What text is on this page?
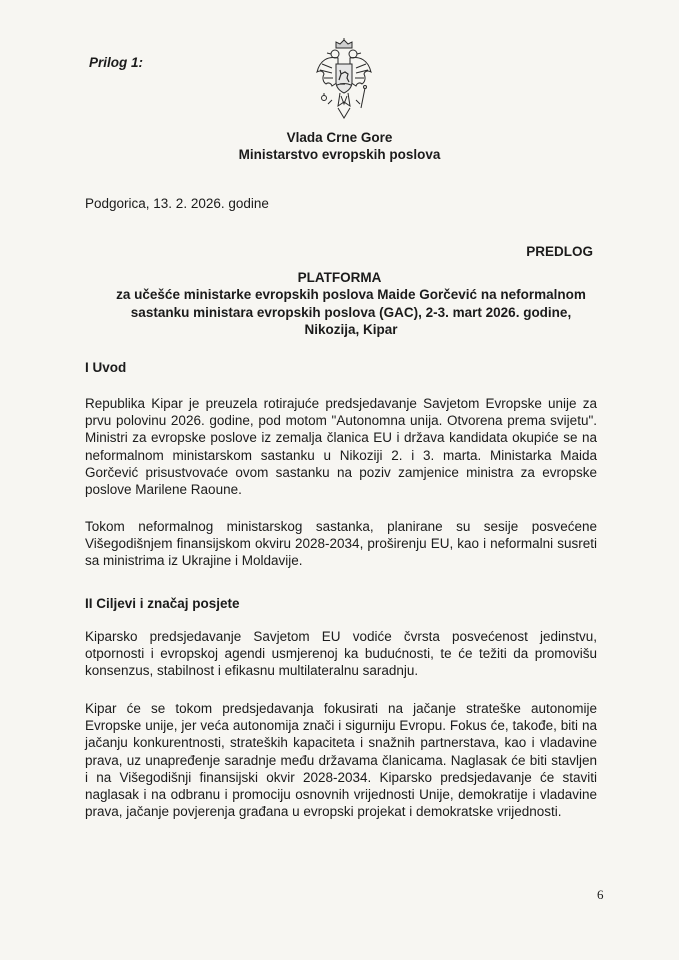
Prilog 1:
Vlada Crne Gore
Ministarstvo evropskih poslova
Podgorica, 13. 2. 2026. godine
PREDLOG
PLATFORMA
za učešće ministarke evropskih poslova Maide Gorčević na neformalnom sastanku ministara evropskih poslova (GAC), 2-3. mart 2026. godine, Nikozija, Kipar
I Uvod
Republika Kipar je preuzela rotirajuće predsjedavanje Savjetom Evropske unije za prvu polovinu 2026. godine, pod motom "Autonomna unija. Otvorena prema svijetu". Ministri za evropske poslove iz zemalja članica EU i država kandidata okupiće se na neformalnom ministarskom sastanku u Nikoziji 2. i 3. marta. Ministarka Maida Gorčević prisustvovaće ovom sastanku na poziv zamjenice ministra za evropske poslove Marilene Raoune.
Tokom neformalnog ministarskog sastanka, planirane su sesije posvećene Višegodišnjem finansijskom okviru 2028-2034, proširenju EU, kao i neformalni susreti sa ministrima iz Ukrajine i Moldavije.
II Ciljevi i značaj posjete
Kiparsko predsjedavanje Savjetom EU vodiće čvrsta posvećenost jedinstvu, otpornosti i evropskoj agendi usmjerenoj ka budućnosti, te će težiti da promovišu konsenzus, stabilnost i efikasnu multilateralnu saradnju.
Kipar će se tokom predsjedavanja fokusirati na jačanje strateške autonomije Evropske unije, jer veća autonomija znači i sigurniju Evropu. Fokus će, takođe, biti na jačanju konkurentnosti, strateških kapaciteta i snažnih partnerstava, kao i vladavine prava, uz unapređenje saradnje među državama članicama. Naglasak će biti stavljen i na Višegodišnji finansijski okvir 2028-2034. Kiparsko predsjedavanje će staviti naglasak i na odbranu i promociju osnovnih vrijednosti Unije, demokratije i vladavine prava, jačanje povjerenja građana u evropski projekat i demokratske vrijednosti.
6
